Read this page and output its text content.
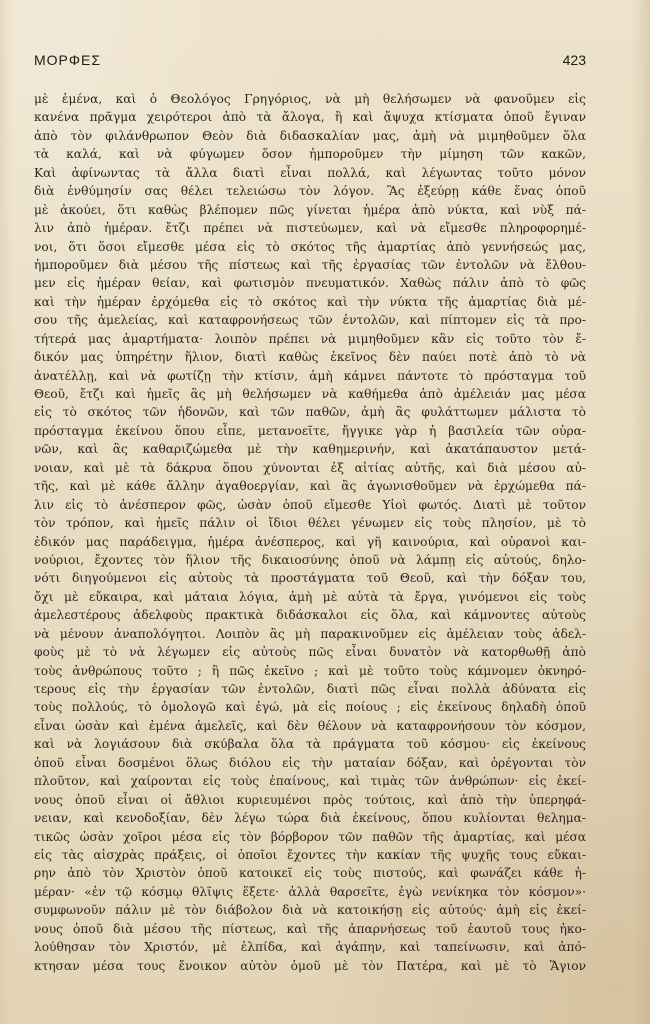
ΜΟΡΦΕΣ	423
μὲ ἐμένα, καὶ ὁ Θεολόγος Γρηγόριος, νὰ μὴ θελήσωμεν νὰ φανοῦμεν εἰς
κανένα πρᾶγμα χειρότεροι ἀπὸ τὰ ἄλογα, ἢ καὶ ἄψυχα κτίσματα ὁποῦ ἔγιναν
ἀπὸ τὸν φιλάνθρωπον Θεὸν διὰ διδασκαλίαν μας, ἀμὴ νὰ μιμηθοῦμεν ὅλα
τὰ καλά, καὶ νὰ φύγωμεν ὅσον ἠμποροῦμεν τὴν μίμηση τῶν κακῶν,
Καὶ ἀφίνωντας τὰ ἄλλα διατὶ εἶναι πολλά, καὶ λέγωντας τοῦτο μόνον
διὰ ἐνθύμησίν σας θέλει τελειώσω τὸν λόγον. Ἂς ἐξεύρῃ κάθε ἕνας ὁποῦ
μὲ ἀκούει, ὅτι καθὼς βλέπομεν πῶς γίνεται ἡμέρα ἀπὸ νύκτα, καὶ νὺξ πά-
λιν ἀπὸ ἡμέραν. ἔτζι πρέπει νὰ πιστεύωμεν, καὶ νὰ εἴμεσθε πληροφορημέ-
νοι, ὅτι ὅσοι εἴμεσθε μέσα εἰς τὸ σκότος τῆς ἁμαρτίας ἀπὸ γεννήσεώς μας,
ἠμποροῦμεν διὰ μέσου τῆς πίστεως καὶ τῆς ἐργασίας τῶν ἐντολῶν νὰ ἔλθου-
μεν εἰς ἡμέραν θείαν, καὶ φωτισμὸν πνευματικόν. Χαθὼς πάλιν ἀπὸ τὸ φῶς
καὶ τὴν ἡμέραν ἐρχόμεθα εἰς τὸ σκότος καὶ τὴν νύκτα τῆς ἁμαρτίας διὰ μέ-
σου τῆς ἀμελείας, καὶ καταφρονήσεως τῶν ἐντολῶν, καὶ πίπτομεν εἰς τὰ προ-
τήτερά μας ἁμαρτήματα· λοιπὸν πρέπει νὰ μιμηθοῦμεν κἂν εἰς τοῦτο τὸν ἔ-
δικόν μας ὑπηρέτην ἥλιον, διατὶ καθὼς ἐκεῖνος δὲν παύει ποτὲ ἀπὸ τὸ νὰ
ἀνατέλλῃ, καὶ νὰ φωτίζῃ τὴν κτίσιν, ἀμὴ κάμνει πάντοτε τὸ πρόσταγμα τοῦ
Θεοῦ, ἔτζι καὶ ἡμεῖς ἂς μὴ θελήσωμεν νὰ καθήμεθα ἀπὸ ἀμέλειάν μας μέσα
εἰς τὸ σκότος τῶν ἡδονῶν, καὶ τῶν παθῶν, ἀμὴ ἂς φυλάττωμεν μάλιστα τὸ
πρόσταγμα ἐκείνου ὅπου εἶπε, μετανοεῖτε, ἤγγικε γὰρ ἡ βασιλεία τῶν οὐρα-
νῶν, καὶ ἂς καθαριζώμεθα μὲ τὴν καθημερινήν, καὶ ἀκατάπαυστον μετά-
νοιαν, καὶ μὲ τὰ δάκρυα ὅπου χύνονται ἐξ αἰτίας αὐτῆς, καὶ διὰ μέσου αὐ-
τῆς, καὶ μὲ κάθε ἄλλην ἀγαθοεργίαν, καὶ ἂς ἀγωνισθοῦμεν νὰ ἐρχώμεθα πά-
λιν εἰς τὸ ἀνέσπερον φῶς, ὡσὰν ὁποῦ εἴμεσθε Υἱοὶ φωτός. Διατὶ μὲ τοῦτον
τὸν τρόπον, καὶ ἡμεῖς πάλιν οἱ ἴδιοι θέλει γένωμεν εἰς τοὺς πλησίον, μὲ τὸ
ἐδικόν μας παράδειγμα, ἡμέρα ἀνέσπερος, καὶ γῆ καινούρια, καὶ οὐρανοὶ και-
νούριοι, ἔχοντες τὸν ἥλιον τῆς δικαιοσύνης ὁποῦ νὰ λάμπῃ εἰς αὐτούς, δηλο-
νότι διηγούμενοι εἰς αὐτοὺς τὰ προστάγματα τοῦ Θεοῦ, καὶ τὴν δόξαν του,
ὄχι μὲ εὔκαιρα, καὶ μάταια λόγια, ἀμὴ μὲ αὐτὰ τὰ ἔργα, γινόμενοι εἰς τοὺς
ἀμελεστέρους ἀδελφοὺς πρακτικὰ διδάσκαλοι εἰς ὅλα, καὶ κάμνοντες αὐτοὺς
νὰ μένουν ἀναπολόγητοι. Λοιπὸν ἂς μὴ παρακινοῦμεν εἰς ἀμέλειαν τοὺς ἀδελ-
φοὺς μὲ τὸ νὰ λέγωμεν εἰς αὐτοὺς πῶς εἶναι δυνατὸν νὰ κατορθωθῇ ἀπὸ
τοὺς ἀνθρώπους τοῦτο ; ἢ πῶς ἐκεῖνο ; καὶ μὲ τοῦτο τοὺς κάμνομεν ὀκνηρό-
τερους εἰς τὴν ἐργασίαν τῶν ἐντολῶν, διατὶ πῶς εἶναι πολλὰ ἀδύνατα εἰς
τοὺς πολλούς, τὸ ὁμολογῶ καὶ ἐγώ, μὰ εἰς ποίους ; εἰς ἐκείνους δηλαδὴ ὁποῦ
εἶναι ὡσὰν καὶ ἐμένα ἀμελεῖς, καὶ δὲν θέλουν νὰ καταφρονήσουν τὸν κόσμον,
καὶ νὰ λογιάσουν διὰ σκύβαλα ὅλα τὰ πράγματα τοῦ κόσμου· εἰς ἐκείνους
ὁποῦ εἶναι δοσμένοι ὅλως διόλου εἰς τὴν ματαίαν δόξαν, καὶ ὀρέγονται τὸν
πλοῦτον, καὶ χαίρονται εἰς τοὺς ἐπαίνους, καὶ τιμὰς τῶν ἀνθρώπων· εἰς ἐκεί-
νους ὁποῦ εἶναι οἱ ἄθλιοι κυριευμένοι πρὸς τούτοις, καὶ ἀπὸ τὴν ὑπερηφά-
νειαν, καὶ κενοδοξίαν, δὲν λέγω τώρα διὰ ἐκείνους, ὅπου κυλίονται θελημα-
τικῶς ὡσὰν χοῖροι μέσα εἰς τὸν βόρβορον τῶν παθῶν τῆς ἁμαρτίας, καὶ μέσα
εἰς τὰς αἰσχρὰς πράξεις, οἱ ὁποῖοι ἔχοντες τὴν κακίαν τῆς ψυχῆς τους εὔκαι-
ρην ἀπὸ τὸν Χριστὸν ὁποῦ κατοικεῖ εἰς τοὺς πιστούς, καὶ φωνάζει κάθε ἡ-
μέραν· «ἐν τῷ κόσμῳ θλῖψις ἕξετε· ἀλλὰ θαρσεῖτε, ἐγὼ νενίκηκα τὸν κόσμον»·
συμφωνοῦν πάλιν μὲ τὸν διάβολον διὰ νὰ κατοικήσῃ εἰς αὐτούς· ἀμὴ εἰς ἐκεί-
νους ὁποῦ διὰ μέσου τῆς πίστεως, καὶ τῆς ἀπαρνήσεως τοῦ ἑαυτοῦ τους ἠκο-
λούθησαν τὸν Χριστόν, μὲ ἐλπίδα, καὶ ἀγάπην, καὶ ταπείνωσιν, καὶ ἀπό-
κτησαν μέσα τους ἔνοικον αὐτὸν ὁμοῦ μὲ τὸν Πατέρα, καὶ μὲ τὸ Ἅγιον
